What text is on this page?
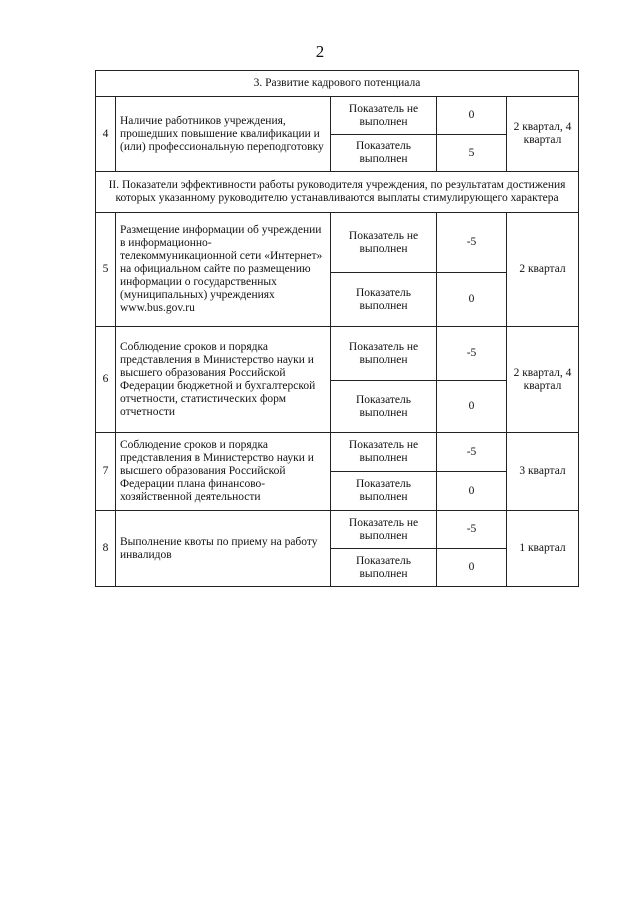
2
3. Развитие кадрового потенциала				
4	Наличие работников учреждения, прошедших повышение квалификации и (или) профессиональную переподготовку	Показатель не выполнен	0	2 квартал, 4 квартал
		Показатель выполнен	5	
II. Показатели эффективности работы руководителя учреждения, по результатам достижения которых указанному руководителю устанавливаются выплаты стимулирующего характера				
5	Размещение информации об учреждении в информационно-телекоммуникационной сети «Интернет» на официальном сайте по размещению информации о государственных (муниципальных) учреждениях www.bus.gov.ru	Показатель не выполнен	-5	2 квартал
		Показатель выполнен	0	
6	Соблюдение сроков и порядка представления в Министерство науки и высшего образования Российской Федерации бюджетной и бухгалтерской отчетности, статистических форм отчетности	Показатель не выполнен	-5	2 квартал, 4 квартал
		Показатель выполнен	0	
7	Соблюдение сроков и порядка представления в Министерство науки и высшего образования Российской Федерации плана финансово-хозяйственной деятельности	Показатель не выполнен	-5	3 квартал
		Показатель выполнен	0	
8	Выполнение квоты по приему на работу инвалидов	Показатель не выполнен	-5	1 квартал
		Показатель выполнен	0	
